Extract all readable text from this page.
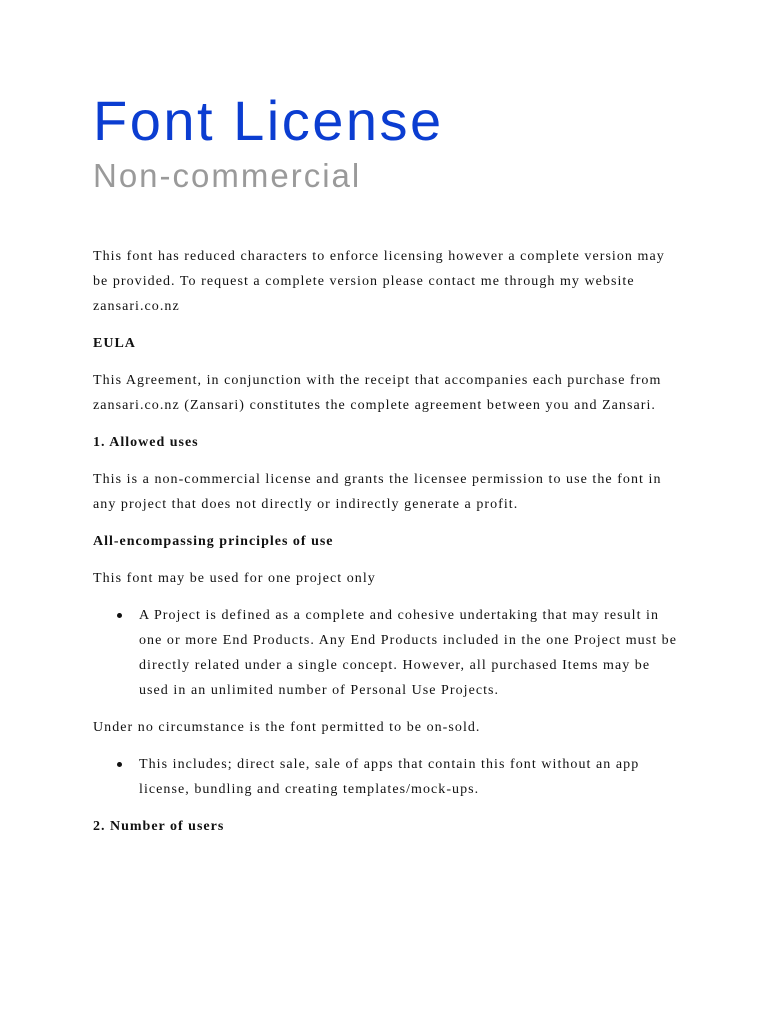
Font License
Non-commercial

This font has reduced characters to enforce licensing however a complete version may be provided. To request a complete version please contact me through my website zansari.co.nz

EULA

This Agreement, in conjunction with the receipt that accompanies each purchase from zansari.co.nz (Zansari) constitutes the complete agreement between you and Zansari.

1. Allowed uses

This is a non-commercial license and grants the licensee permission to use the font in any project that does not directly or indirectly generate a profit.

All-encompassing principles of use

This font may be used for one project only

A Project is defined as a complete and cohesive undertaking that may result in one or more End Products. Any End Products included in the one Project must be directly related under a single concept. However, all purchased Items may be used in an unlimited number of Personal Use Projects.

Under no circumstance is the font permitted to be on-sold.

This includes; direct sale, sale of apps that contain this font without an app license, bundling and creating templates/mock-ups.

2. Number of users
